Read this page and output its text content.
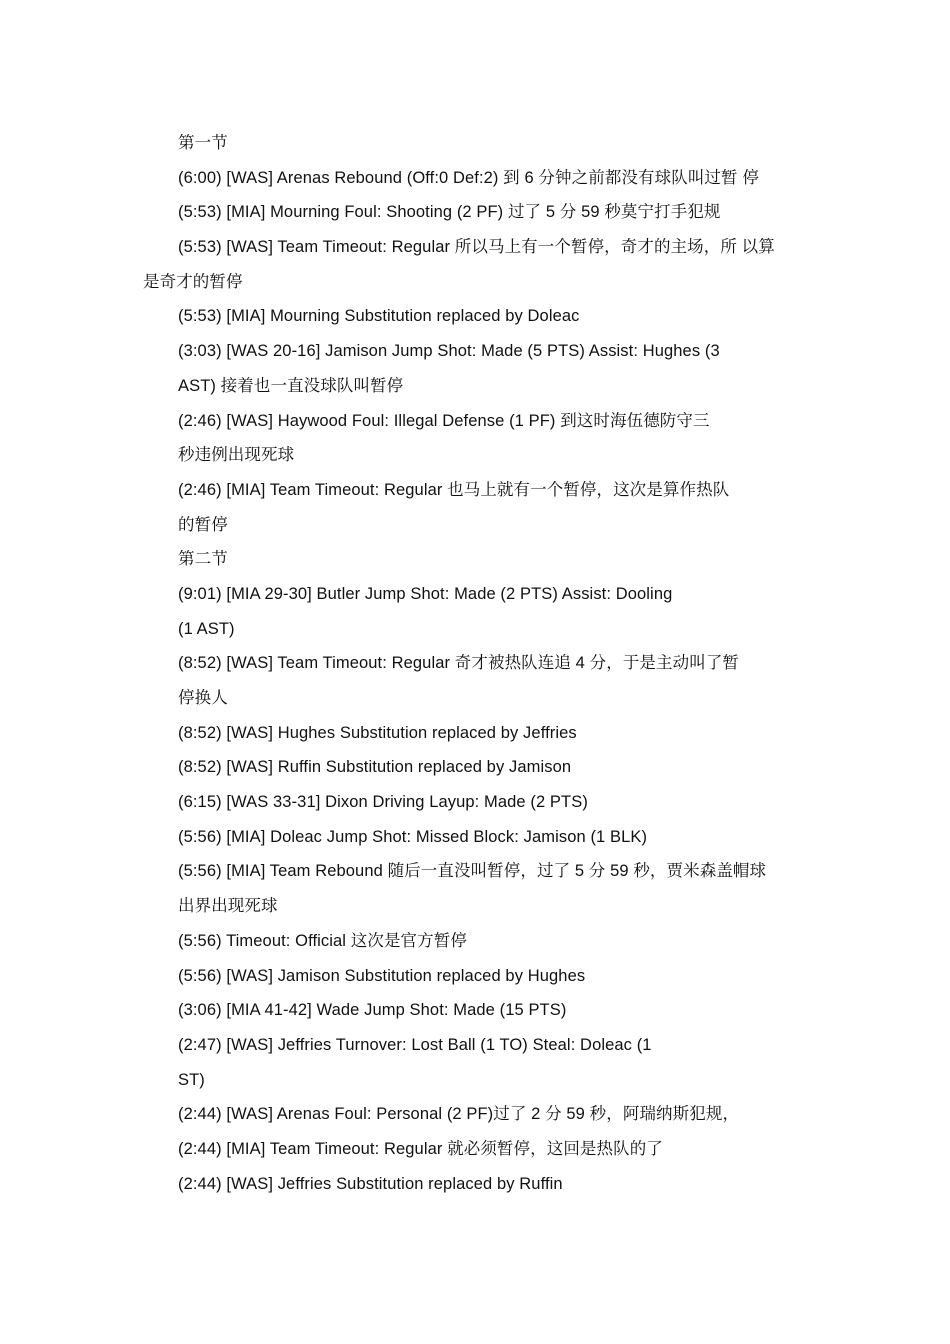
第一节
(6:00) [WAS] Arenas Rebound (Off:0 Def:2) 到 6 分钟之前都没有球队叫过暂 停
(5:53) [MIA] Mourning Foul: Shooting (2 PF) 过了 5 分 59 秒莫宁打手犯规
(5:53) [WAS] Team Timeout: Regular 所以马上有一个暂停，奇才的主场，所 以算
是奇才的暂停
(5:53) [MIA] Mourning Substitution replaced by Doleac
(3:03) [WAS 20-16] Jamison Jump Shot: Made (5 PTS) Assist: Hughes (3
AST) 接着也一直没球队叫暂停
(2:46) [WAS] Haywood Foul: Illegal Defense (1 PF) 到这时海伍德防守三
秒违例出现死球
(2:46) [MIA] Team Timeout: Regular 也马上就有一个暂停，这次是算作热队
的暂停
第二节
(9:01) [MIA 29-30] Butler Jump Shot: Made (2 PTS) Assist: Dooling
(1 AST)
(8:52) [WAS] Team Timeout: Regular 奇才被热队连追 4 分，于是主动叫了暂
停换人
(8:52) [WAS] Hughes Substitution replaced by Jeffries
(8:52) [WAS] Ruffin Substitution replaced by Jamison
(6:15) [WAS 33-31] Dixon Driving Layup: Made (2 PTS)
(5:56) [MIA] Doleac Jump Shot: Missed Block: Jamison (1 BLK)
(5:56) [MIA] Team Rebound 随后一直没叫暂停，过了 5 分 59 秒，贾米森盖帽球
出界出现死球
(5:56) Timeout: Official 这次是官方暂停
(5:56) [WAS] Jamison Substitution replaced by Hughes
(3:06) [MIA 41-42] Wade Jump Shot: Made (15 PTS)
(2:47) [WAS] Jeffries Turnover: Lost Ball (1 TO) Steal: Doleac (1
ST)
(2:44) [WAS] Arenas Foul: Personal (2 PF)过了 2 分 59 秒，阿瑞纳斯犯规，
(2:44) [MIA] Team Timeout: Regular 就必须暂停，这回是热队的了
(2:44) [WAS] Jeffries Substitution replaced by Ruffin
